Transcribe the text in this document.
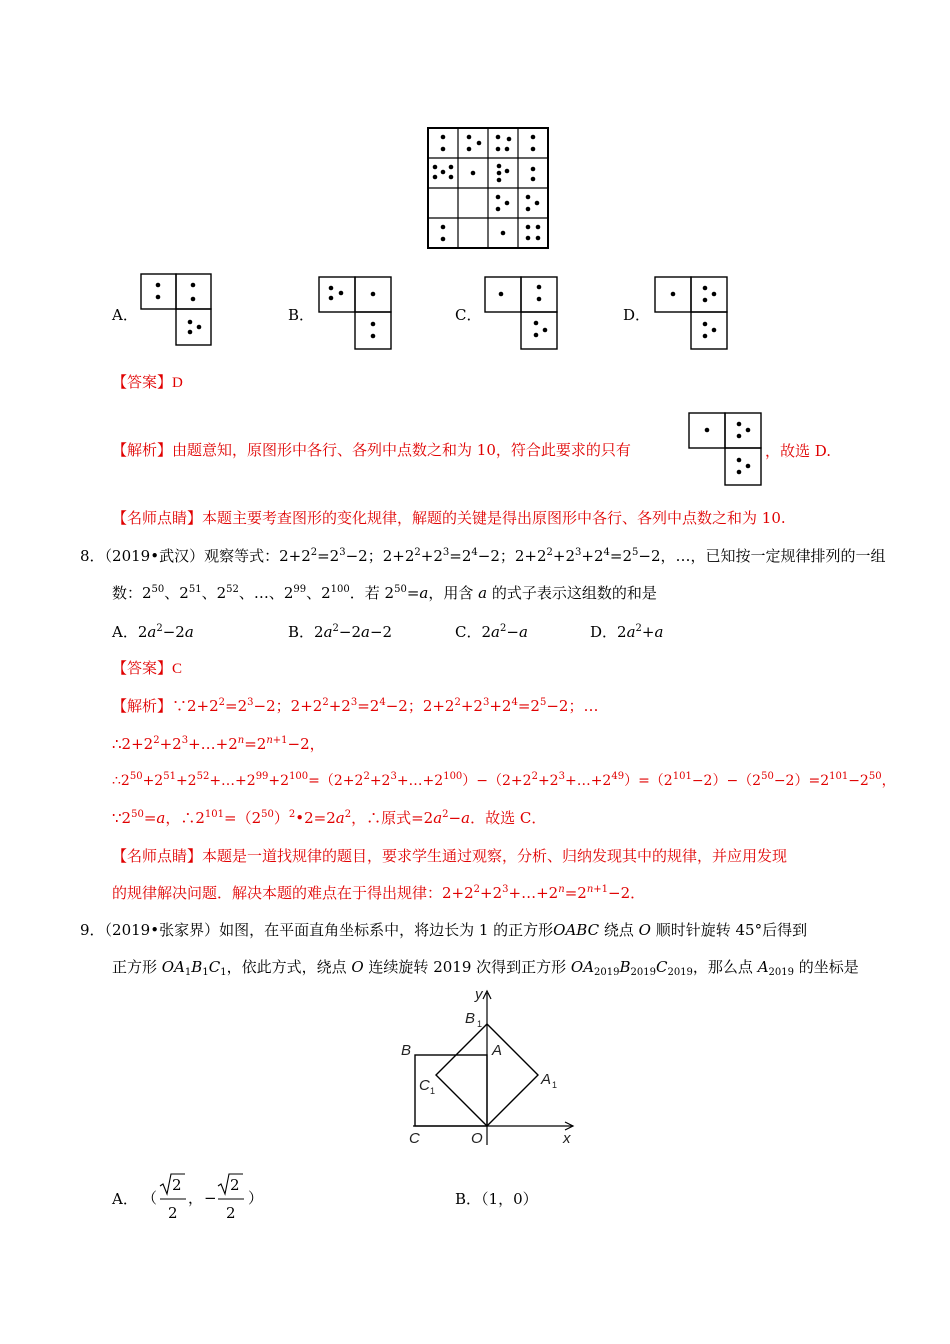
A．	B．	C．	D．
【答案】D
【解析】由题意知，原图形中各行、各列中点数之和为 10，符合此要求的只有	，故选 D.
【名师点睛】本题主要考查图形的变化规律，解题的关键是得出原图形中各行、各列中点数之和为 10.
8．（2019•武汉）观察等式：$2+2^2=2^3-2$；$2+2^2+2^3=2^4-2$；$2+2^2+2^3+2^4=2^5-2$，…，已知按一定规律排列的一组
数：$2^{50}$、$2^{51}$、$2^{52}$、…、$2^{99}$、$2^{100}$．若 $2^{50}=a$，用含 a 的式子表示这组数的和是
A．$2a^2-2a$	B．$2a^2-2a-2$	C．$2a^2-a$	D．$2a^2+a$
【答案】C
【解析】$\because 2+2^2=2^3-2$；$2+2^2+2^3=2^4-2$；$2+2^2+2^3+2^4=2^5-2$；…
$\therefore 2+2^2+2^3+\dots+2^n=2^{n+1}-2$，
$\therefore 2^{50}+2^{51}+2^{52}+\dots+2^{99}+2^{100}=(2+2^2+2^3+\dots+2^{100})-(2+2^2+2^3+\dots+2^{49})=(2^{101}-2)-(2^{50}-2)=2^{101}-2^{50}$，
$\because 2^{50}=a$，$\therefore 2^{101}=(2^{50})^2•2=2a^2$，∴原式$=2a^2-a$．故选 C．
【名师点睛】本题是一道找规律的题目，要求学生通过观察，分析、归纳发现其中的规律，并应用发现
的规律解决问题．解决本题的难点在于得出规律：$2+2^2+2^3+\dots+2^n=2^{n+1}-2$．
9．（2019•张家界）如图，在平面直角坐标系中，将边长为 1 的正方形OABC 绕点 O 顺时针旋转 45°后得到
正方形 $OA_1B_1C_1$，依此方式，绕点 O 连续旋转 2019 次得到正方形 $OA_{2019}B_{2019}C_{2019}$，那么点 $A_{2019}$ 的坐标是
y
B 1
A
B
C 1
A 1
C	O	x
A． （
2
2
， −
2
2
）	B．（1，0）
